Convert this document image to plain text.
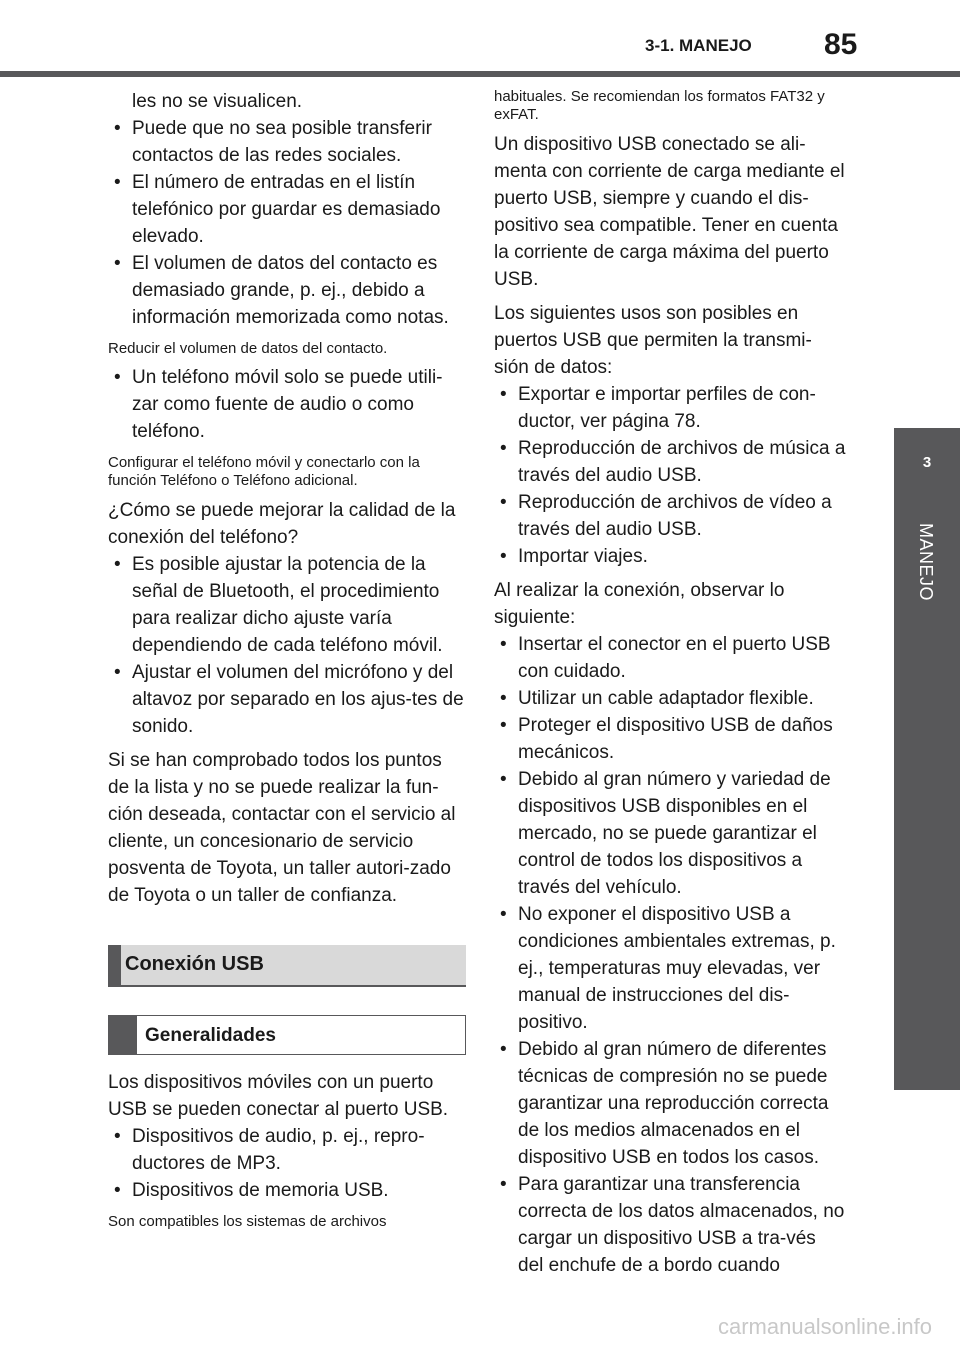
3-1. MANEJO 85
3
MANEJO

les no se visualicen.

• Puede que no sea posible transferir contactos de las redes sociales.
• El número de entradas en el listín telefónico por guardar es demasiado elevado.
• El volumen de datos del contacto es demasiado grande, p. ej., debido a información memorizada como notas.

Reducir el volumen de datos del contacto.

• Un teléfono móvil solo se puede utili-zar como fuente de audio o como teléfono.

Configurar el teléfono móvil y conectarlo con la función Teléfono o Teléfono adicional.

¿Cómo se puede mejorar la calidad de la conexión del teléfono?

• Es posible ajustar la potencia de la señal de Bluetooth, el procedimiento para realizar dicho ajuste varía dependiendo de cada teléfono móvil.
• Ajustar el volumen del micrófono y del altavoz por separado en los ajus-tes de sonido.

Si se han comprobado todos los puntos de la lista y no se puede realizar la fun-ción deseada, contactar con el servicio al cliente, un concesionario de servicio posventa de Toyota, un taller autori-zado de Toyota o un taller de confianza.

Conexión USB
Generalidades

Los dispositivos móviles con un puerto USB se pueden conectar al puerto USB.

• Dispositivos de audio, p. ej., repro-ductores de MP3.
• Dispositivos de memoria USB.

Son compatibles los sistemas de archivos

habituales. Se recomiendan los formatos FAT32 y exFAT.

Un dispositivo USB conectado se ali-menta con corriente de carga mediante el puerto USB, siempre y cuando el dis-positivo sea compatible. Tener en cuenta la corriente de carga máxima del puerto USB.

Los siguientes usos son posibles en puertos USB que permiten la transmi-sión de datos:

• Exportar e importar perfiles de con-ductor, ver página 78.
• Reproducción de archivos de música a través del audio USB.
• Reproducción de archivos de vídeo a través del audio USB.
• Importar viajes.

Al realizar la conexión, observar lo siguiente:

• Insertar el conector en el puerto USB con cuidado.
• Utilizar un cable adaptador flexible.
• Proteger el dispositivo USB de daños mecánicos.
• Debido al gran número y variedad de dispositivos USB disponibles en el mercado, no se puede garantizar el control de todos los dispositivos a través del vehículo.
• No exponer el dispositivo USB a condiciones ambientales extremas, p. ej., temperaturas muy elevadas, ver manual de instrucciones del dis-positivo.
• Debido al gran número de diferentes técnicas de compresión no se puede garantizar una reproducción correcta de los medios almacenados en el dispositivo USB en todos los casos.
• Para garantizar una transferencia correcta de los datos almacenados, no cargar un dispositivo USB a tra-vés del enchufe de a bordo cuando
carmanualsonline.info
